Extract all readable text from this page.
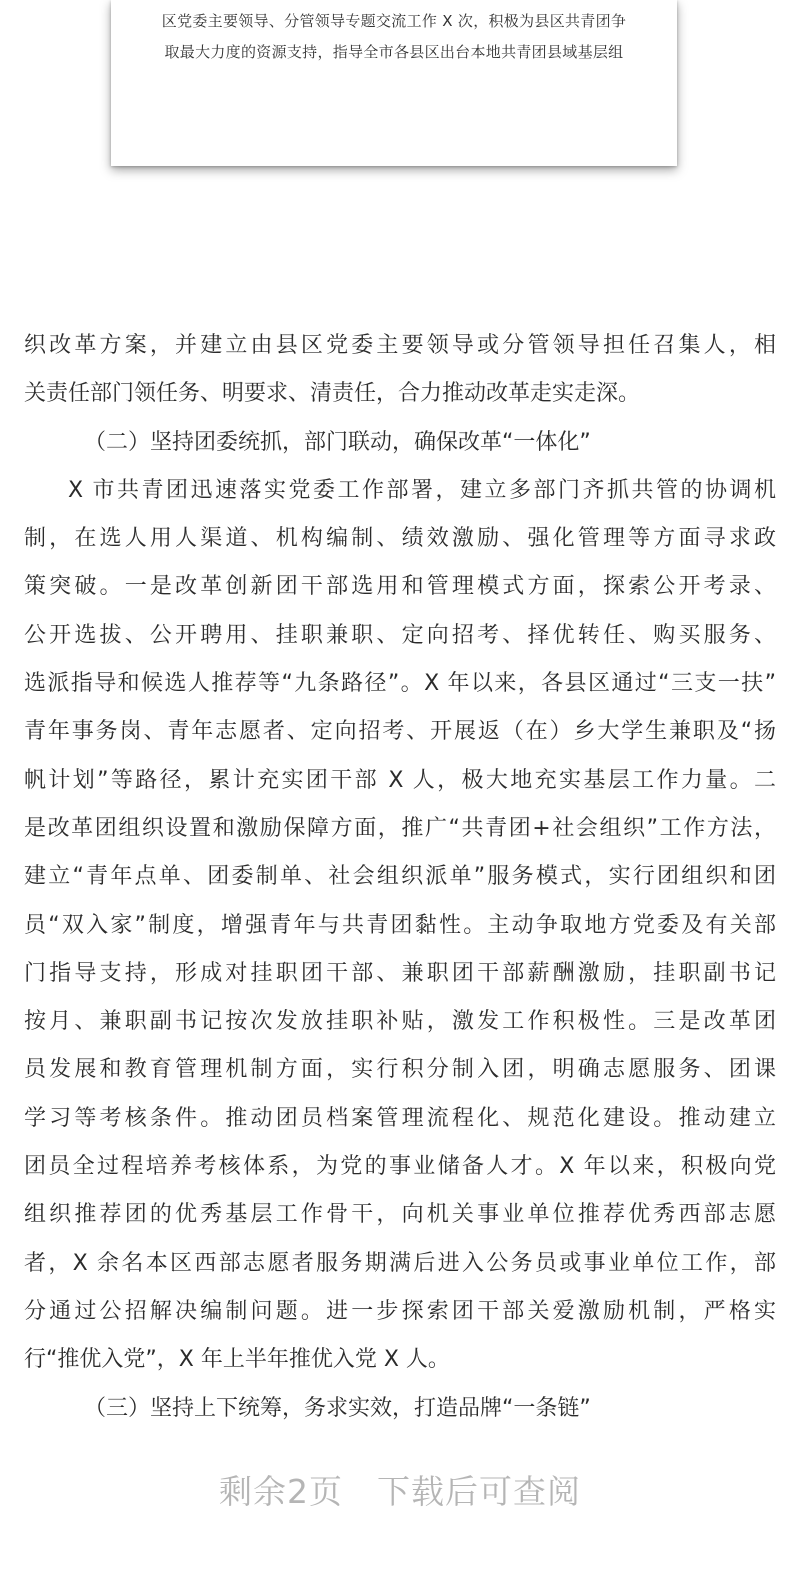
区党委主要领导、分管领导专题交流工作 X 次，积极为县区共青团争

取最大力度的资源支持，指导全市各县区出台本地共青团县域基层组

织改革方案，并建立由县区党委主要领导或分管领导担任召集人，相
关责任部门领任务、明要求、清责任，合力推动改革走实走深。
（二）坚持团委统抓，部门联动，确保改革“一体化”
X 市共青团迅速落实党委工作部署，建立多部门齐抓共管的协调机
制，在选人用人渠道、机构编制、绩效激励、强化管理等方面寻求政
策突破。一是改革创新团干部选用和管理模式方面，探索公开考录、
公开选拔、公开聘用、挂职兼职、定向招考、择优转任、购买服务、
选派指导和候选人推荐等“九条路径”。X 年以来，各县区通过“三支一扶”
青年事务岗、青年志愿者、定向招考、开展返（在）乡大学生兼职及“扬
帆计划”等路径，累计充实团干部 X 人，极大地充实基层工作力量。二
是改革团组织设置和激励保障方面，推广“共青团+社会组织”工作方法，
建立“青年点单、团委制单、社会组织派单”服务模式，实行团组织和团
员“双入家”制度，增强青年与共青团黏性。主动争取地方党委及有关部
门指导支持，形成对挂职团干部、兼职团干部薪酬激励，挂职副书记
按月、兼职副书记按次发放挂职补贴，激发工作积极性。三是改革团
员发展和教育管理机制方面，实行积分制入团，明确志愿服务、团课
学习等考核条件。推动团员档案管理流程化、规范化建设。推动建立
团员全过程培养考核体系，为党的事业储备人才。X 年以来，积极向党
组织推荐团的优秀基层工作骨干，向机关事业单位推荐优秀西部志愿
者，X 余名本区西部志愿者服务期满后进入公务员或事业单位工作，部
分通过公招解决编制问题。进一步探索团干部关爱激励机制，严格实
行“推优入党”，X 年上半年推优入党 X 人。
（三）坚持上下统筹，务求实效，打造品牌“一条链”
剩余2页　下载后可查阅
